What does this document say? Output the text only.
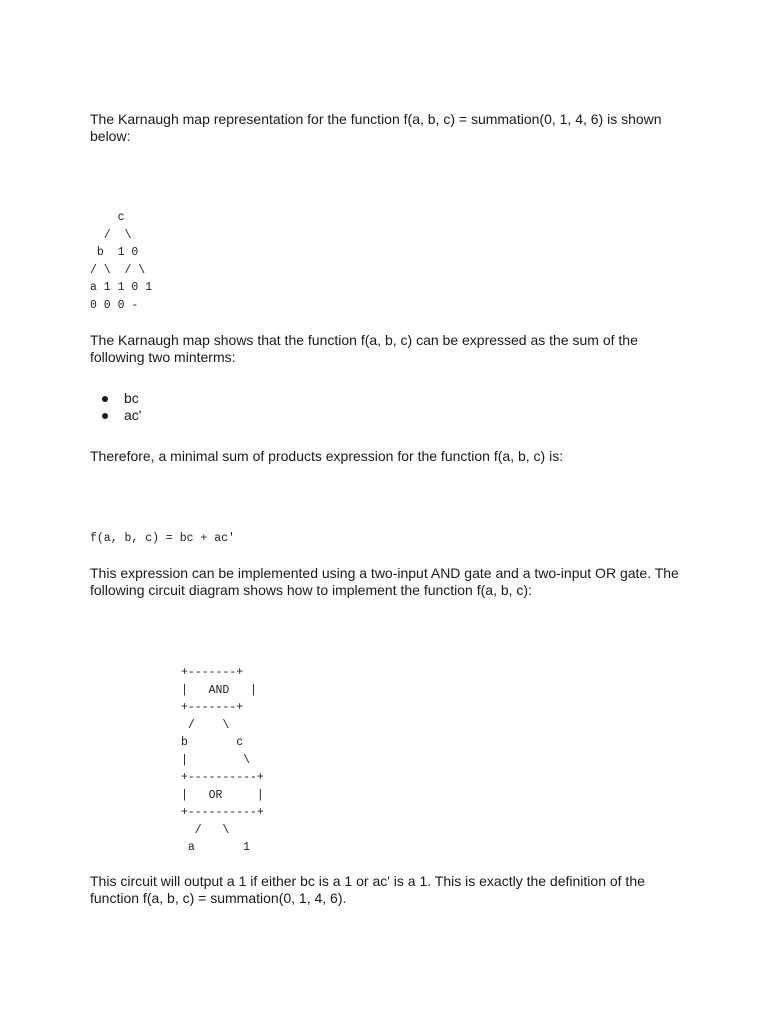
The Karnaugh map representation for the function f(a, b, c) = summation(0, 1, 4, 6) is shown below:

c
/  \
b  1 0
/ \  / \
a 1 1 0 1
0 0 0 -

The Karnaugh map shows that the function f(a, b, c) can be expressed as the sum of the following two minterms:

bc
ac'

Therefore, a minimal sum of products expression for the function f(a, b, c) is:

f(a, b, c) = bc + ac'

This expression can be implemented using a two-input AND gate and a two-input OR gate. The following circuit diagram shows how to implement the function f(a, b, c):

+-------+
|   AND   |
+-------+
/    \
b       c
|        \
+----------+
|   OR     |
+----------+
/   \
a       1

This circuit will output a 1 if either bc is a 1 or ac' is a 1. This is exactly the definition of the function f(a, b, c) = summation(0, 1, 4, 6).
